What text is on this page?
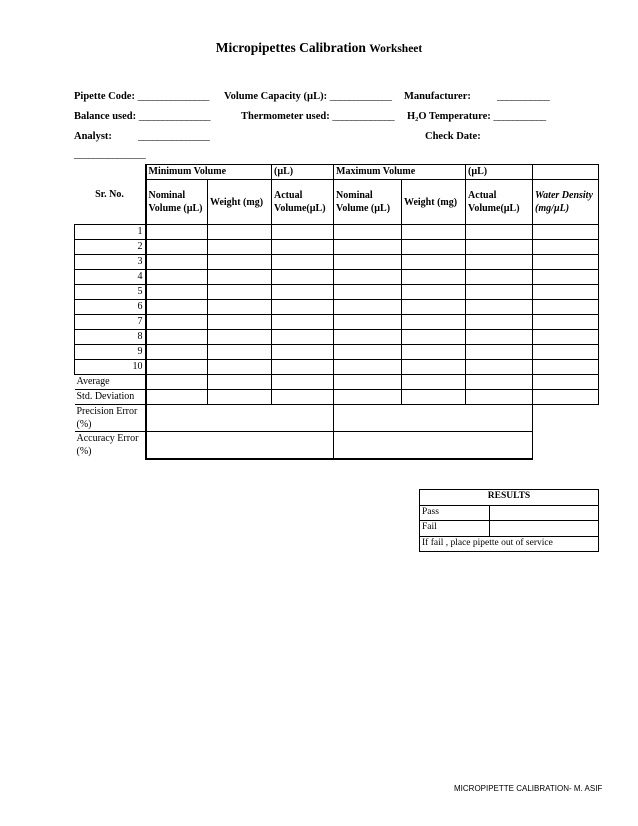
Micropipettes Calibration Worksheet
Pipette Code: _______________ Volume Capacity (µL): _____________ Manufacturer: ___________
Balance used: _______________	Thermometer used: _____________ H₂O Temperature: ___________
Analyst: _______________	Check Date:
_______________
Sr. No.	Minimum Volume		(µL)	Maximum Volume		(µL)	
	Nominal Volume (µL)	Weight (mg)	Actual Volume(µL)	Nominal Volume (µL)	Weight (mg)	Actual Volume(µL)	Water Density (mg/µL)
1							
2							
3							
4							
5							
6							
7							
8							
9							
10							
Average							
Std. Deviation							
Precision Error (%)							
Accuracy Error (%)							
RESULTS	
Pass	
Fail	
If fail , place pipette out of service	
MICROPIPETTE CALIBRATION- M. ASIF
